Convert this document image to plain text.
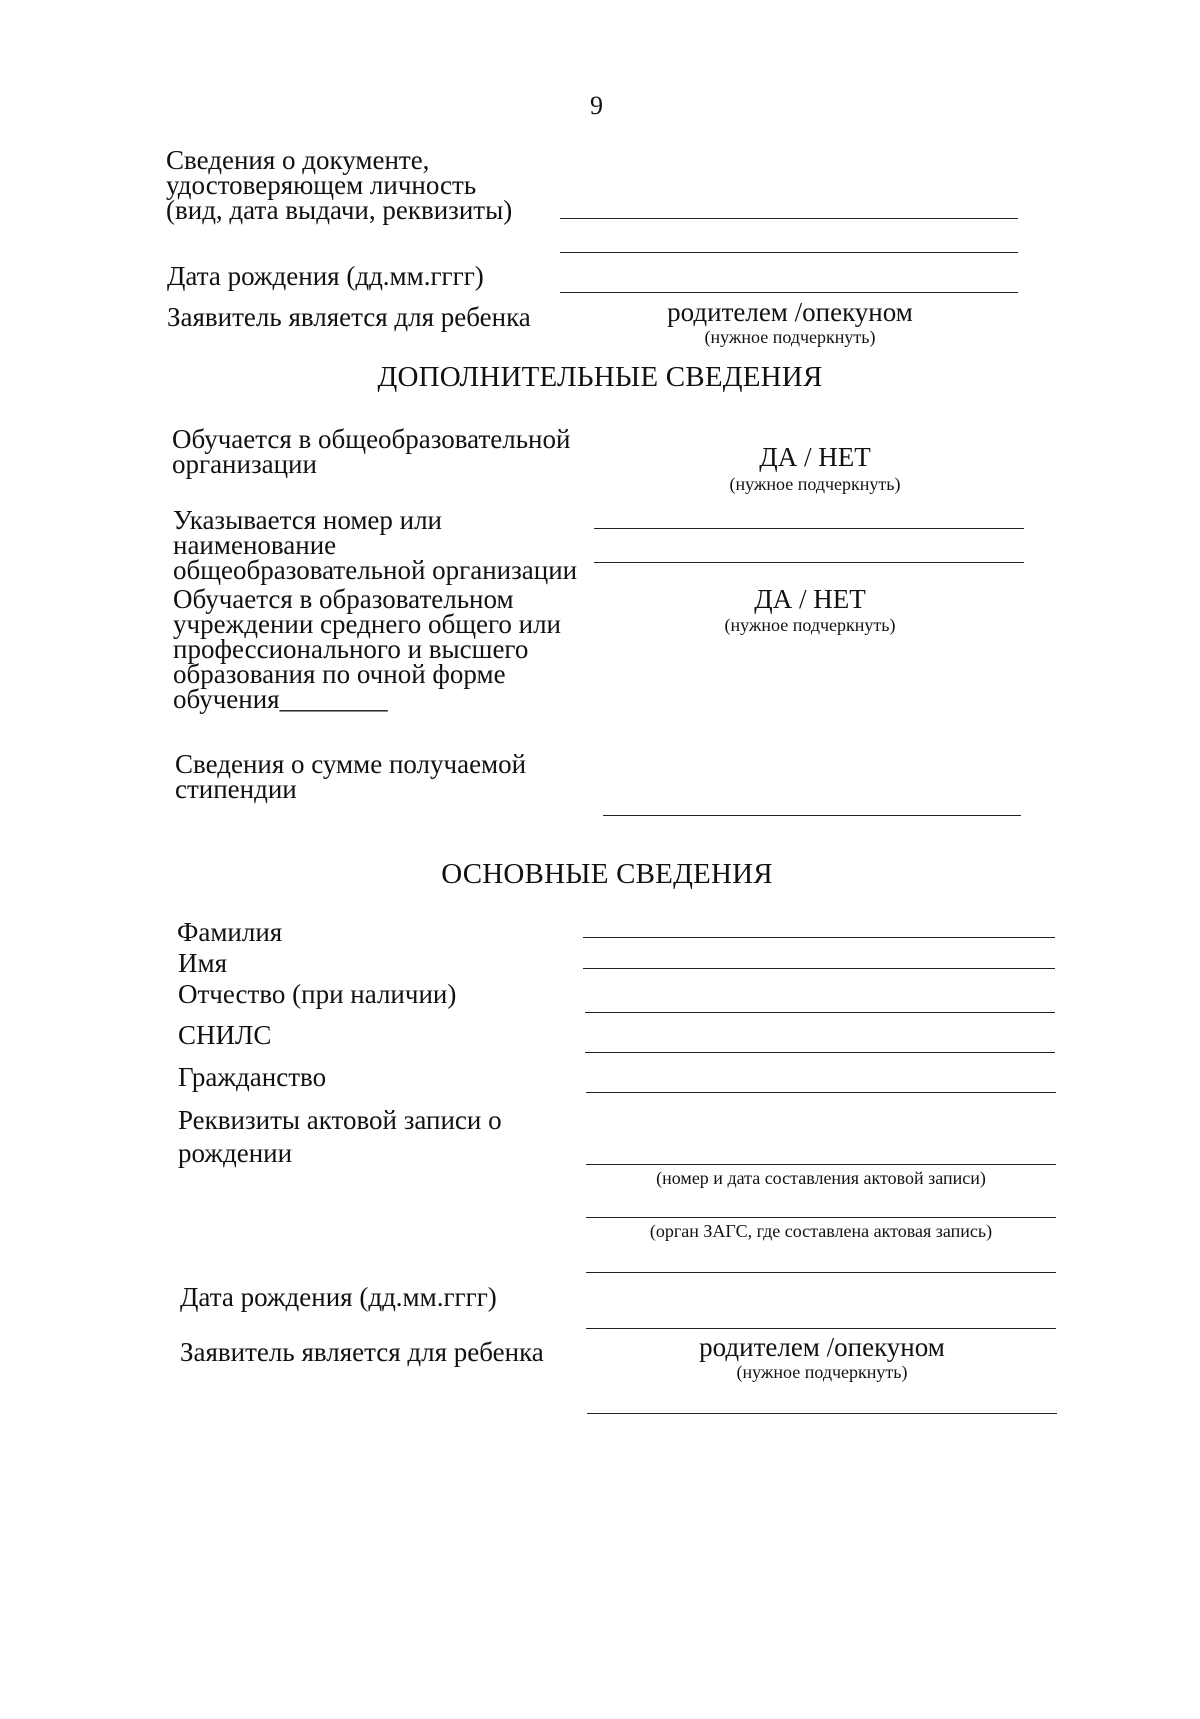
9
Сведения о документе,
удостоверяющем личность
(вид, дата выдачи, реквизиты)
Дата рождения (дд.мм.гггг)
Заявитель является для ребенка	родителем /опекуном
(нужное подчеркнуть)
ДОПОЛНИТЕЛЬНЫЕ СВЕДЕНИЯ
Обучается в общеобразовательной
организации	ДА / НЕТ
(нужное подчеркнуть)
Указывается номер или
наименование
общеобразовательной организации
Обучается в образовательном
учреждении среднего общего или
профессионального и высшего
образования по очной форме
обучения________
ДА / НЕТ
(нужное подчеркнуть)
Сведения о сумме получаемой
стипендии
ОСНОВНЫЕ СВЕДЕНИЯ
Фамилия
Имя
Отчество (при наличии)
СНИЛС
Гражданство
Реквизиты актовой записи о
рождении
(номер и дата составления актовой записи)
(орган ЗАГС, где составлена актовая запись)
Дата рождения (дд.мм.гггг)
Заявитель является для ребенка	родителем /опекуном
(нужное подчеркнуть)
